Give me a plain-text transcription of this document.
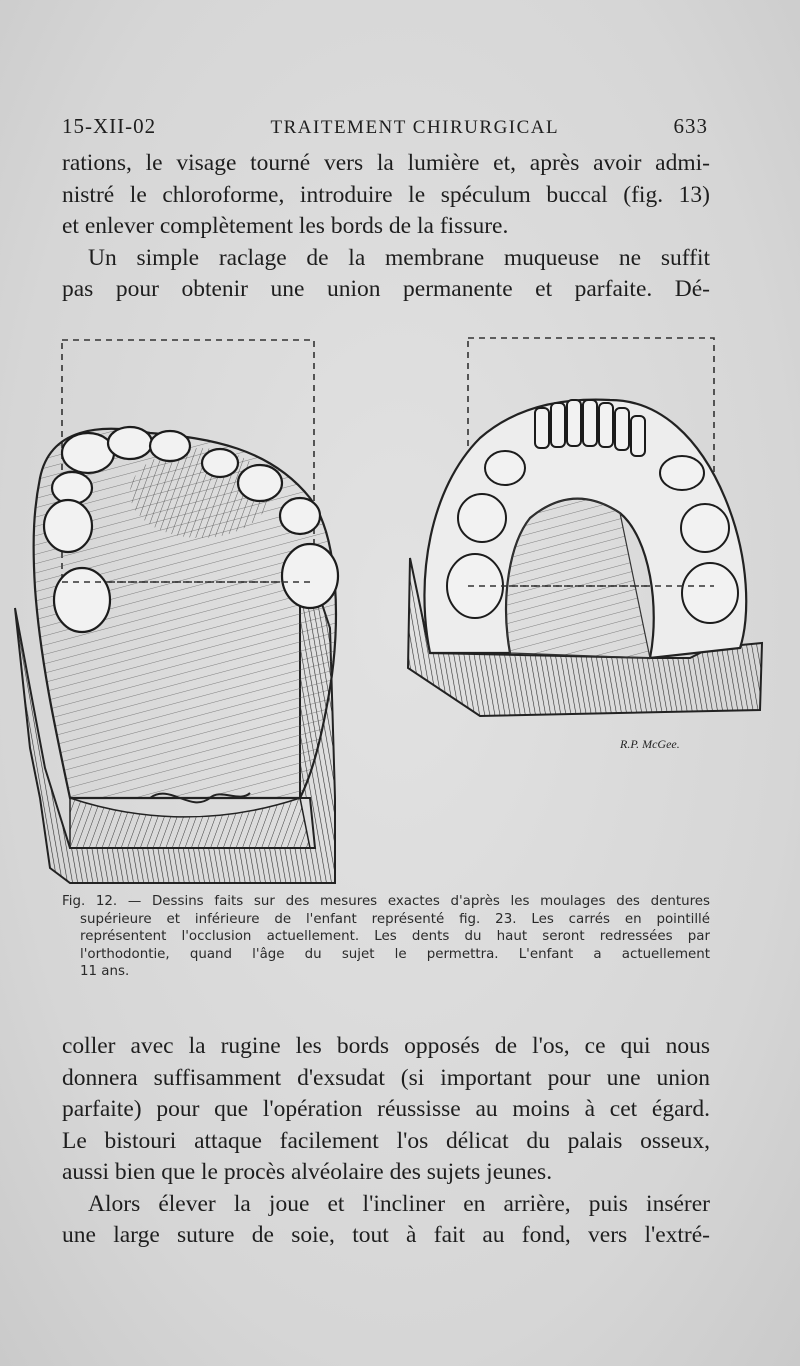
15-XII-02	TRAITEMENT CHIRURGICAL	633
rations, le visage tourné vers la lumière et, après avoir admi-
nistré le chloroforme, introduire le spéculum buccal (fig. 13)
et enlever complètement les bords de la fissure.
Un simple raclage de la membrane muqueuse ne suffit
pas pour obtenir une union permanente et parfaite. Dé-
R.P. McGee.
Fig. 12. — Dessins faits sur des mesures exactes d'après les moulages des dentures
supérieure et inférieure de l'enfant représenté fig. 23. Les carrés en pointillé
représentent l'occlusion actuellement. Les dents du haut seront redressées par
l'orthodontie, quand l'âge du sujet le permettra. L'enfant a actuellement
11 ans.
coller avec la rugine les bords opposés de l'os, ce qui nous
donnera suffisamment d'exsudat (si important pour une union
parfaite) pour que l'opération réussisse au moins à cet égard.
Le bistouri attaque facilement l'os délicat du palais osseux,
aussi bien que le procès alvéolaire des sujets jeunes.
Alors élever la joue et l'incliner en arrière, puis insérer
une large suture de soie, tout à fait au fond, vers l'extré-
